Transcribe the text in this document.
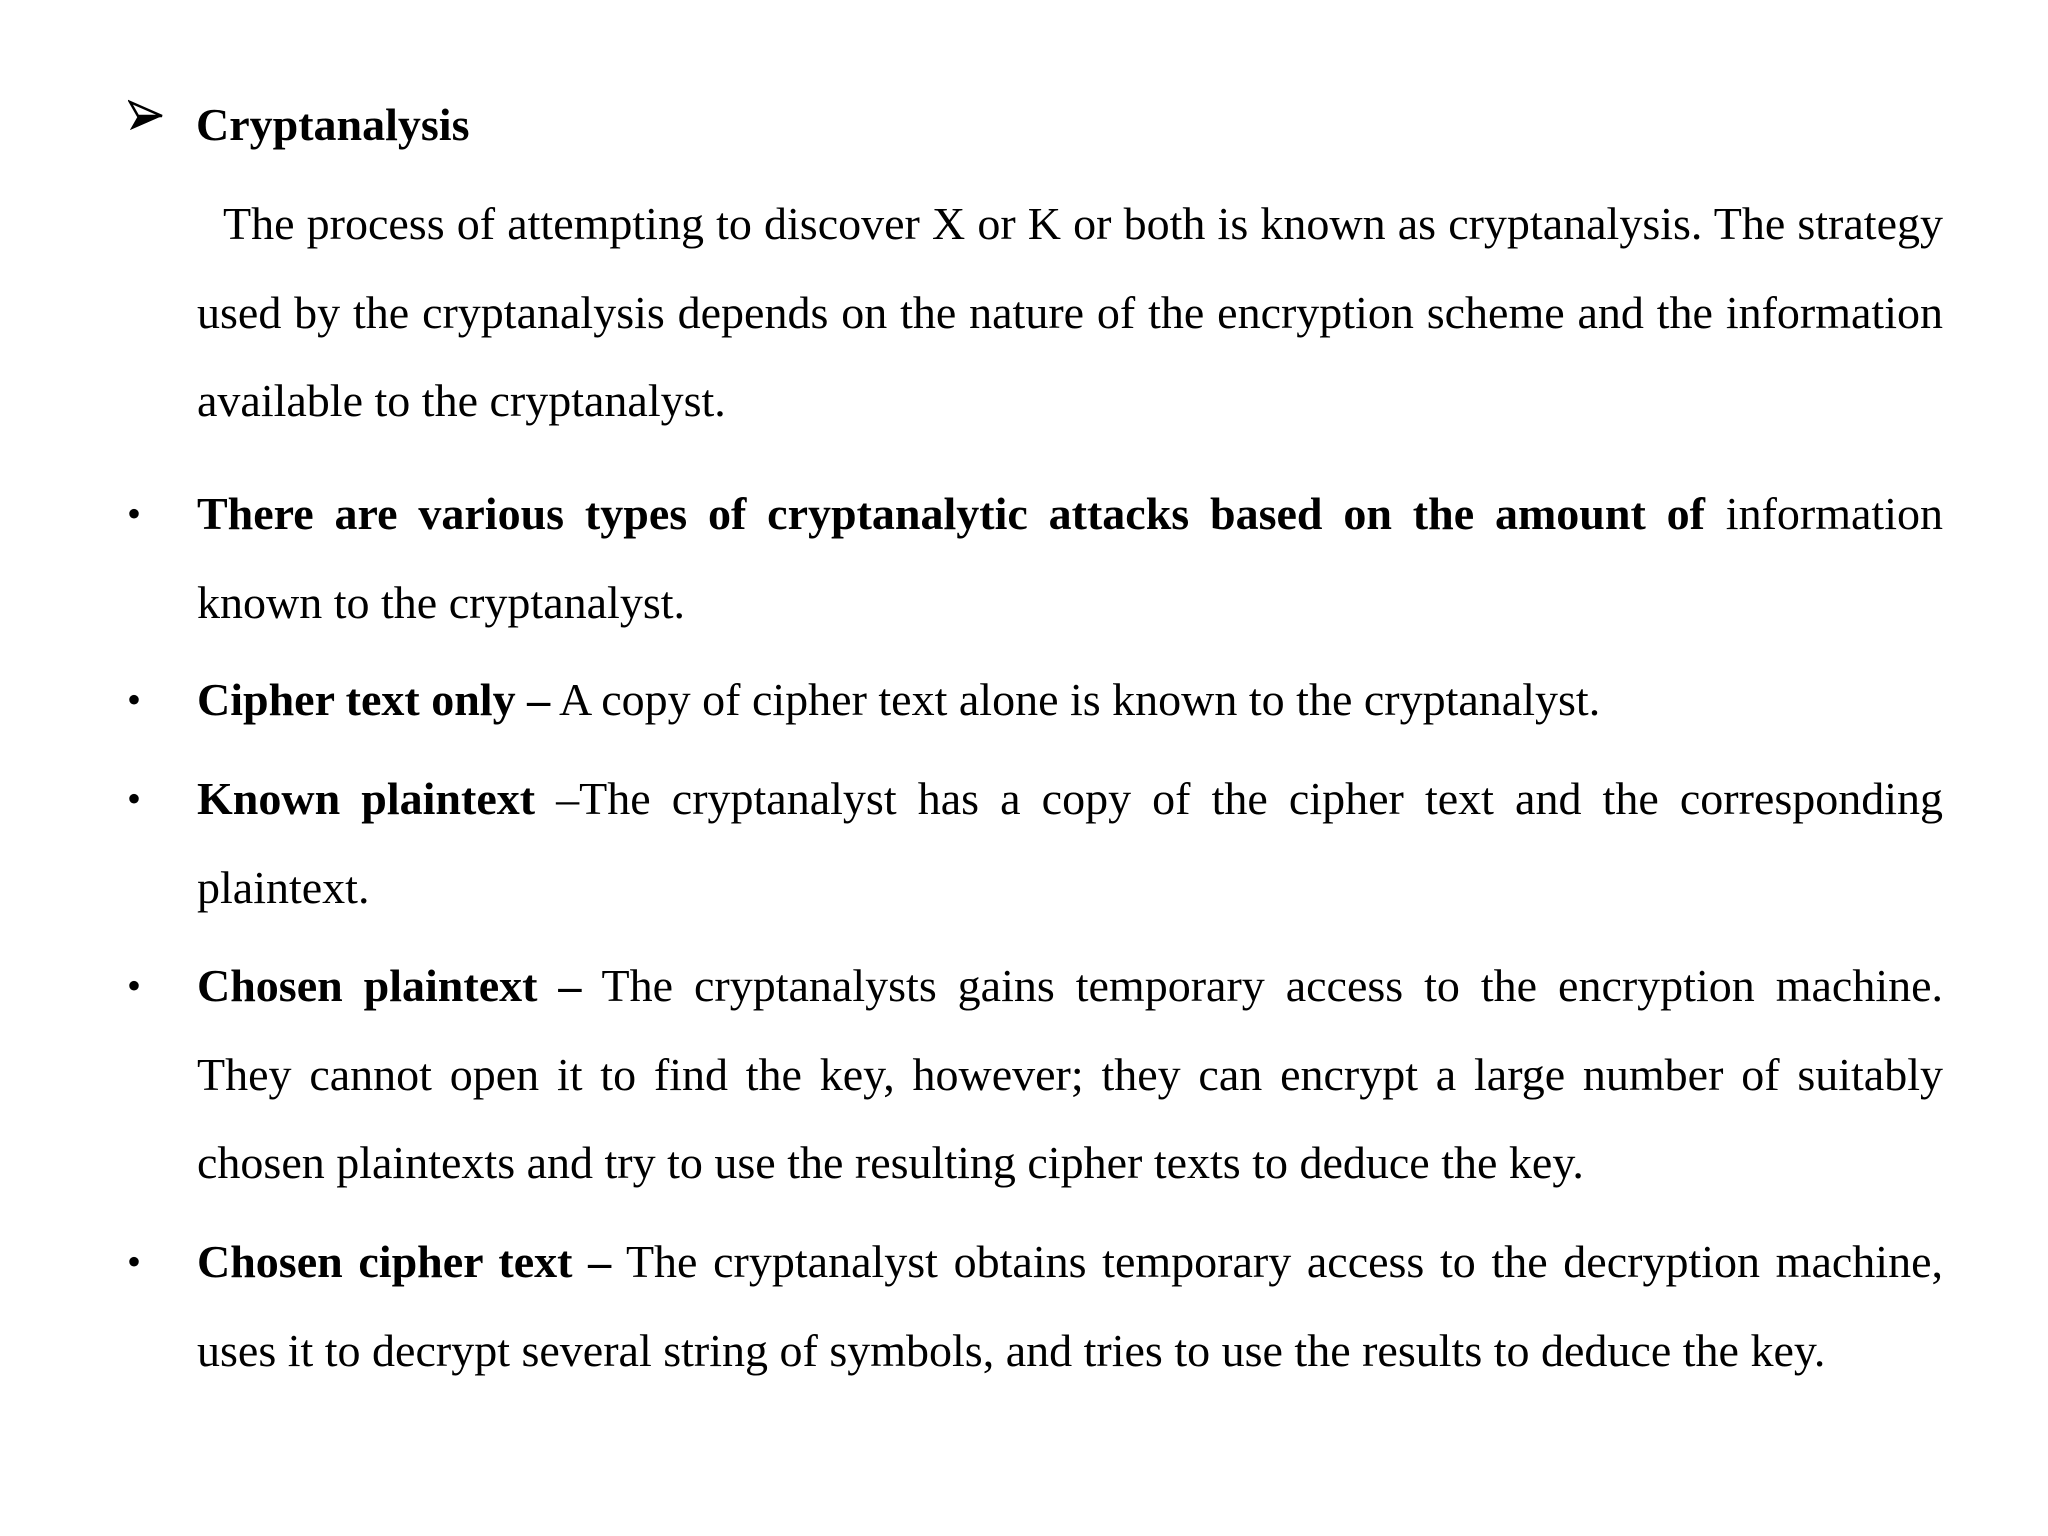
Cryptanalysis

The process of attempting to discover X or K or both is known as cryptanalysis. The strategy used by the cryptanalysis depends on the nature of the encryption scheme and the information available to the cryptanalyst.

•	There are various types of cryptanalytic attacks based on the amount of information known to the cryptanalyst.

•	Cipher text only – A copy of cipher text alone is known to the cryptanalyst.

•	Known plaintext –The cryptanalyst has a copy of the cipher text and the corresponding plaintext.

•	Chosen plaintext – The cryptanalysts gains temporary access to the encryption machine. They cannot open it to find the key, however; they can encrypt a large number of suitably chosen plaintexts and try to use the resulting cipher texts to deduce the key.

•	Chosen cipher text – The cryptanalyst obtains temporary access to the decryption machine, uses it to decrypt several string of symbols, and tries to use the results to deduce the key.
